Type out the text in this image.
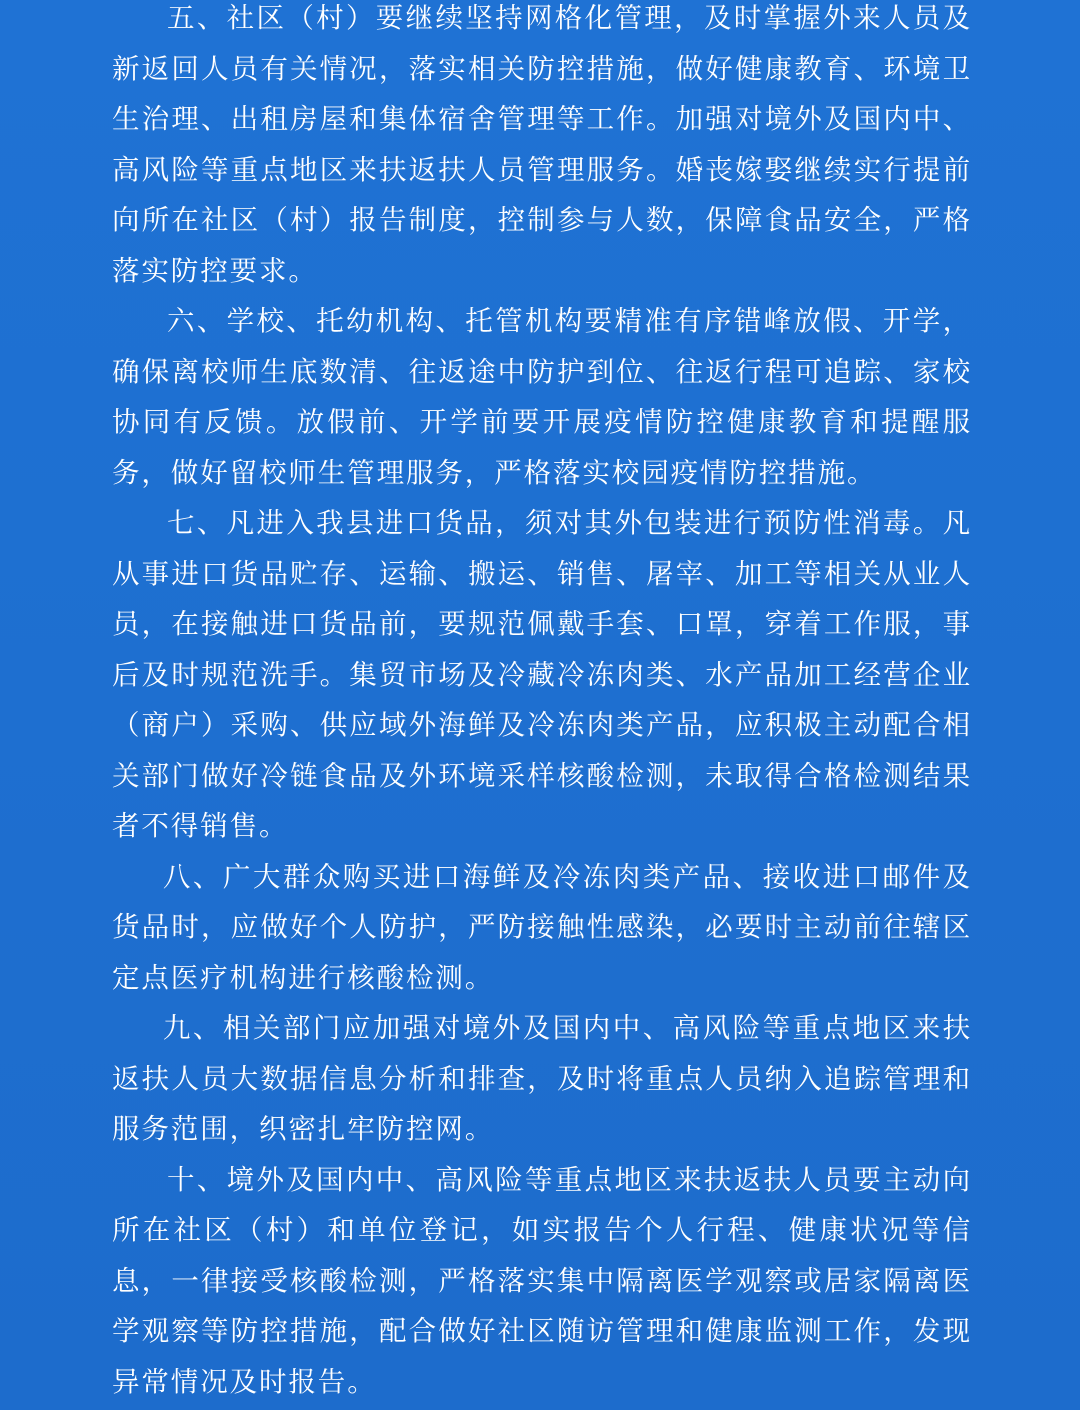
五、社区（村）要继续坚持网格化管理，及时掌握外来人员及新返回人员有关情况，落实相关防控措施，做好健康教育、环境卫生治理、出租房屋和集体宿舍管理等工作。加强对境外及国内中、高风险等重点地区来扶返扶人员管理服务。婚丧嫁娶继续实行提前向所在社区（村）报告制度，控制参与人数，保障食品安全，严格落实防控要求。

六、学校、托幼机构、托管机构要精准有序错峰放假、开学，确保离校师生底数清、往返途中防护到位、往返行程可追踪、家校协同有反馈。放假前、开学前要开展疫情防控健康教育和提醒服务，做好留校师生管理服务，严格落实校园疫情防控措施。

七、凡进入我县进口货品，须对其外包装进行预防性消毒。凡从事进口货品贮存、运输、搬运、销售、屠宰、加工等相关从业人员，在接触进口货品前，要规范佩戴手套、口罩，穿着工作服，事后及时规范洗手。集贸市场及冷藏冷冻肉类、水产品加工经营企业（商户）采购、供应域外海鲜及冷冻肉类产品，应积极主动配合相关部门做好冷链食品及外环境采样核酸检测，未取得合格检测结果者不得销售。

八、广大群众购买进口海鲜及冷冻肉类产品、接收进口邮件及货品时，应做好个人防护，严防接触性感染，必要时主动前往辖区定点医疗机构进行核酸检测。

九、相关部门应加强对境外及国内中、高风险等重点地区来扶返扶人员大数据信息分析和排查，及时将重点人员纳入追踪管理和服务范围，织密扎牢防控网。

十、境外及国内中、高风险等重点地区来扶返扶人员要主动向所在社区（村）和单位登记，如实报告个人行程、健康状况等信息，一律接受核酸检测，严格落实集中隔离医学观察或居家隔离医学观察等防控措施，配合做好社区随访管理和健康监测工作，发现异常情况及时报告。
